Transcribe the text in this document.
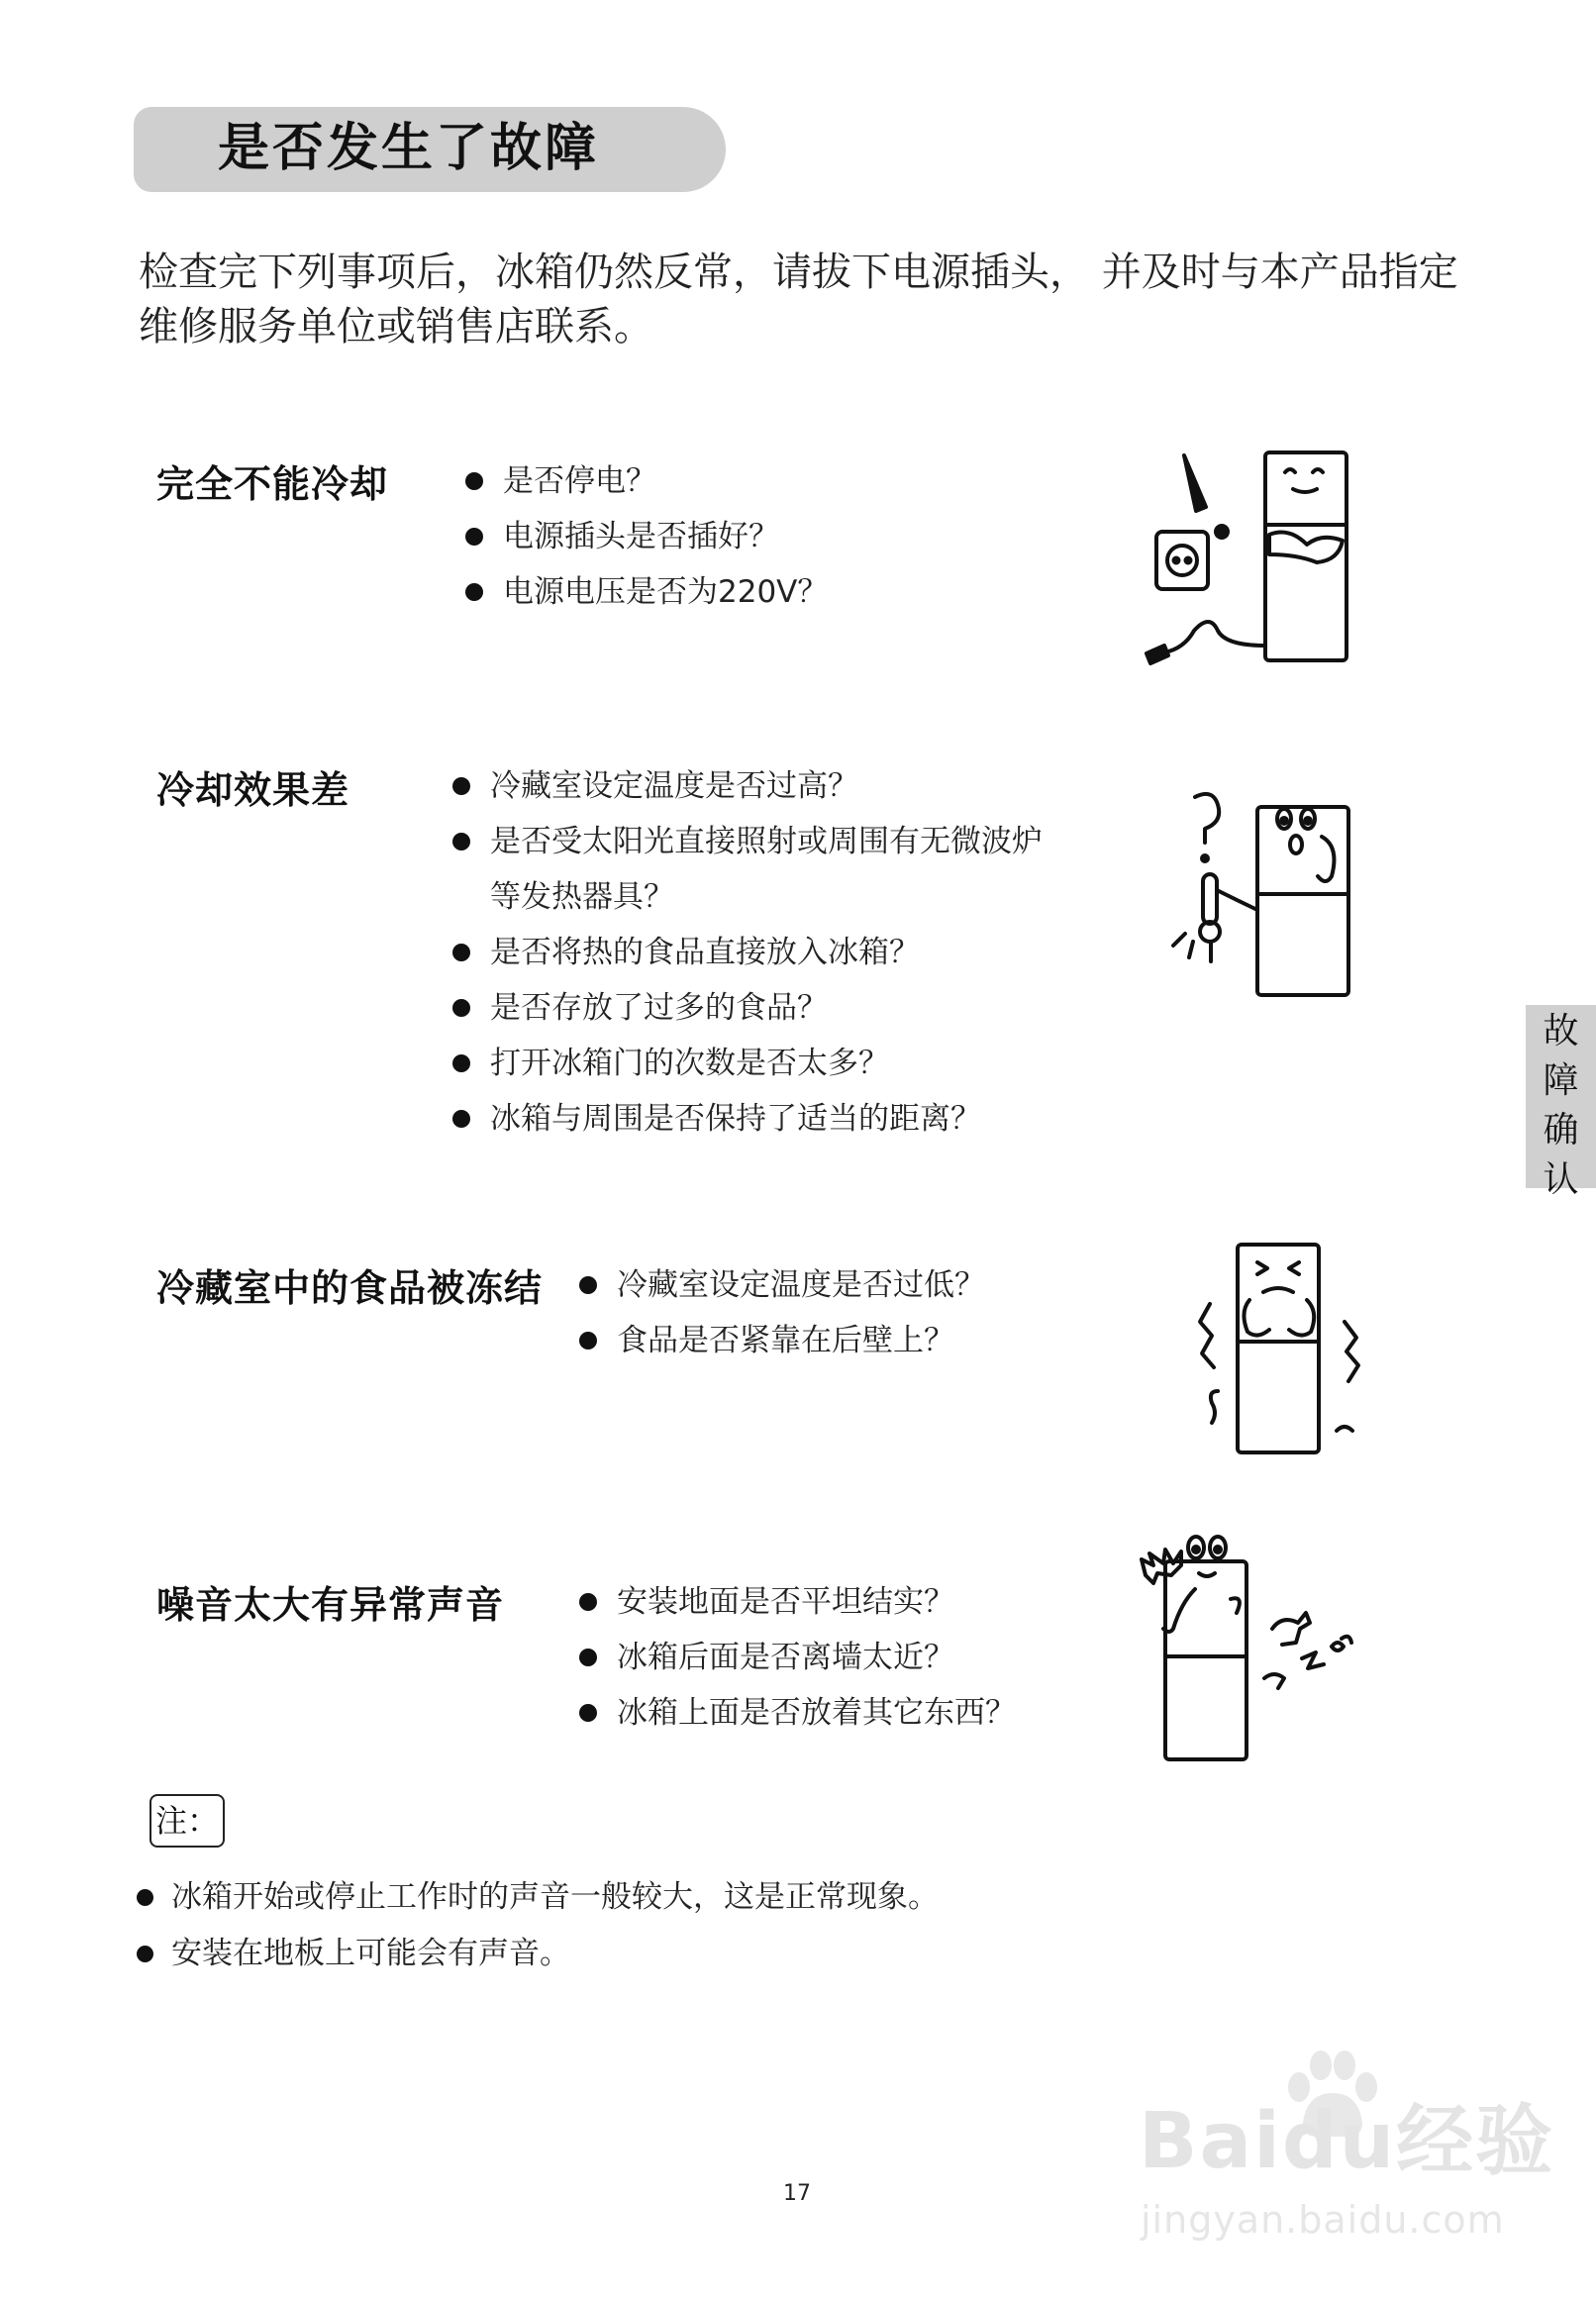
是否发生了故障
检查完下列事项后，冰箱仍然反常，请拔下电源插头， 并及时与本产品指定
维修服务单位或销售店联系。
完全不能冷却	是否停电？
电源插头是否插好？
电源电压是否为220V？
冷却效果差	冷藏室设定温度是否过高？
是否受太阳光直接照射或周围有无微波炉
等发热器具？
是否将热的食品直接放入冰箱？
是否存放了过多的食品？
打开冰箱门的次数是否太多？
冰箱与周围是否保持了适当的距离？
冷藏室中的食品被冻结	冷藏室设定温度是否过低？
食品是否紧靠在后壁上？
噪音太大有异常声音	安装地面是否平坦结实？
冰箱后面是否离墙太近？
冰箱上面是否放着其它东西？
故
障
确
认
注：
冰箱开始或停止工作时的声音一般较大，这是正常现象。
安装在地板上可能会有声音。
17
Baidu经验
jingyan.baidu.com
